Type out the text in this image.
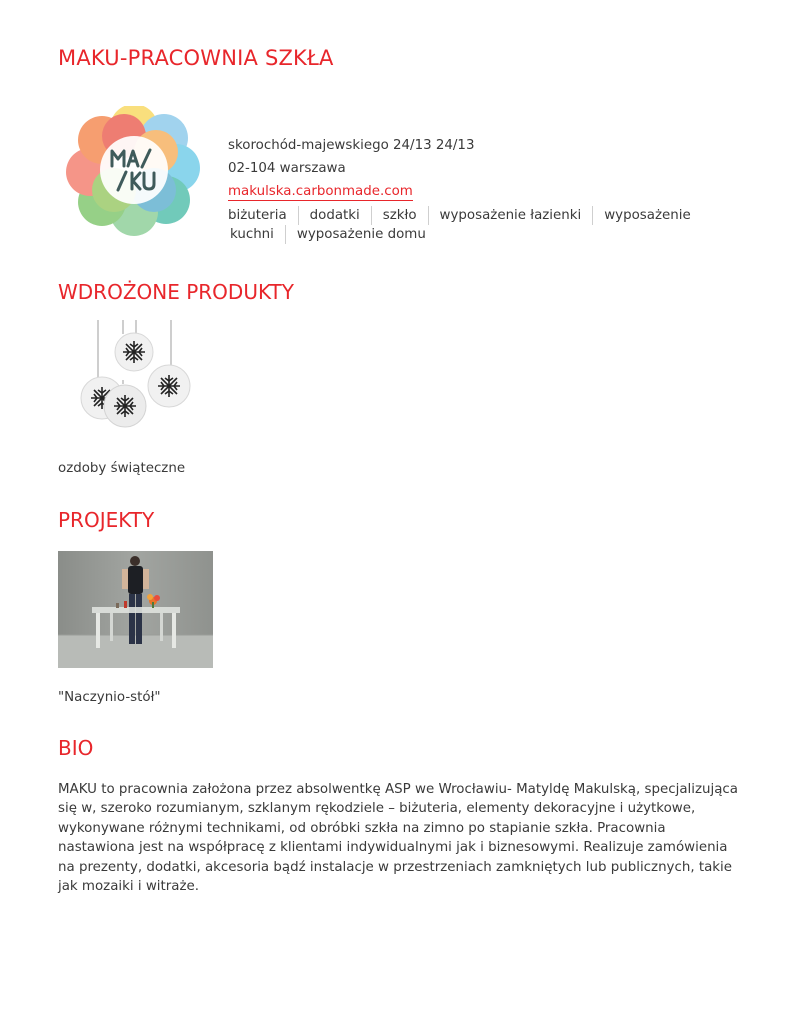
MAKU-PRACOWNIA SZKŁA
skorochód-majewskiego 24/13 24/13
02-104 warszawa
makulska.carbonmade.com
biżuteria dodatki szkło wyposażenie łazienki wyposażenie
kuchni wyposażenie domu
WDROŻONE PRODUKTY
ozdoby świąteczne
PROJEKTY
"Naczynio-stół"
BIO

MAKU to pracownia założona przez absolwentkę ASP we Wrocławiu- Matyldę Makulską, specjalizująca się w, szeroko rozumianym, szklanym rękodziele – biżuteria, elementy dekoracyjne i użytkowe, wykonywane różnymi technikami, od obróbki szkła na zimno po stapianie szkła. Pracownia nastawiona jest na współpracę z klientami indywidualnymi jak i biznesowymi. Realizuje zamówienia na prezenty, dodatki, akcesoria bądź instalacje w przestrzeniach zamkniętych lub publicznych, takie jak mozaiki i witraże.
